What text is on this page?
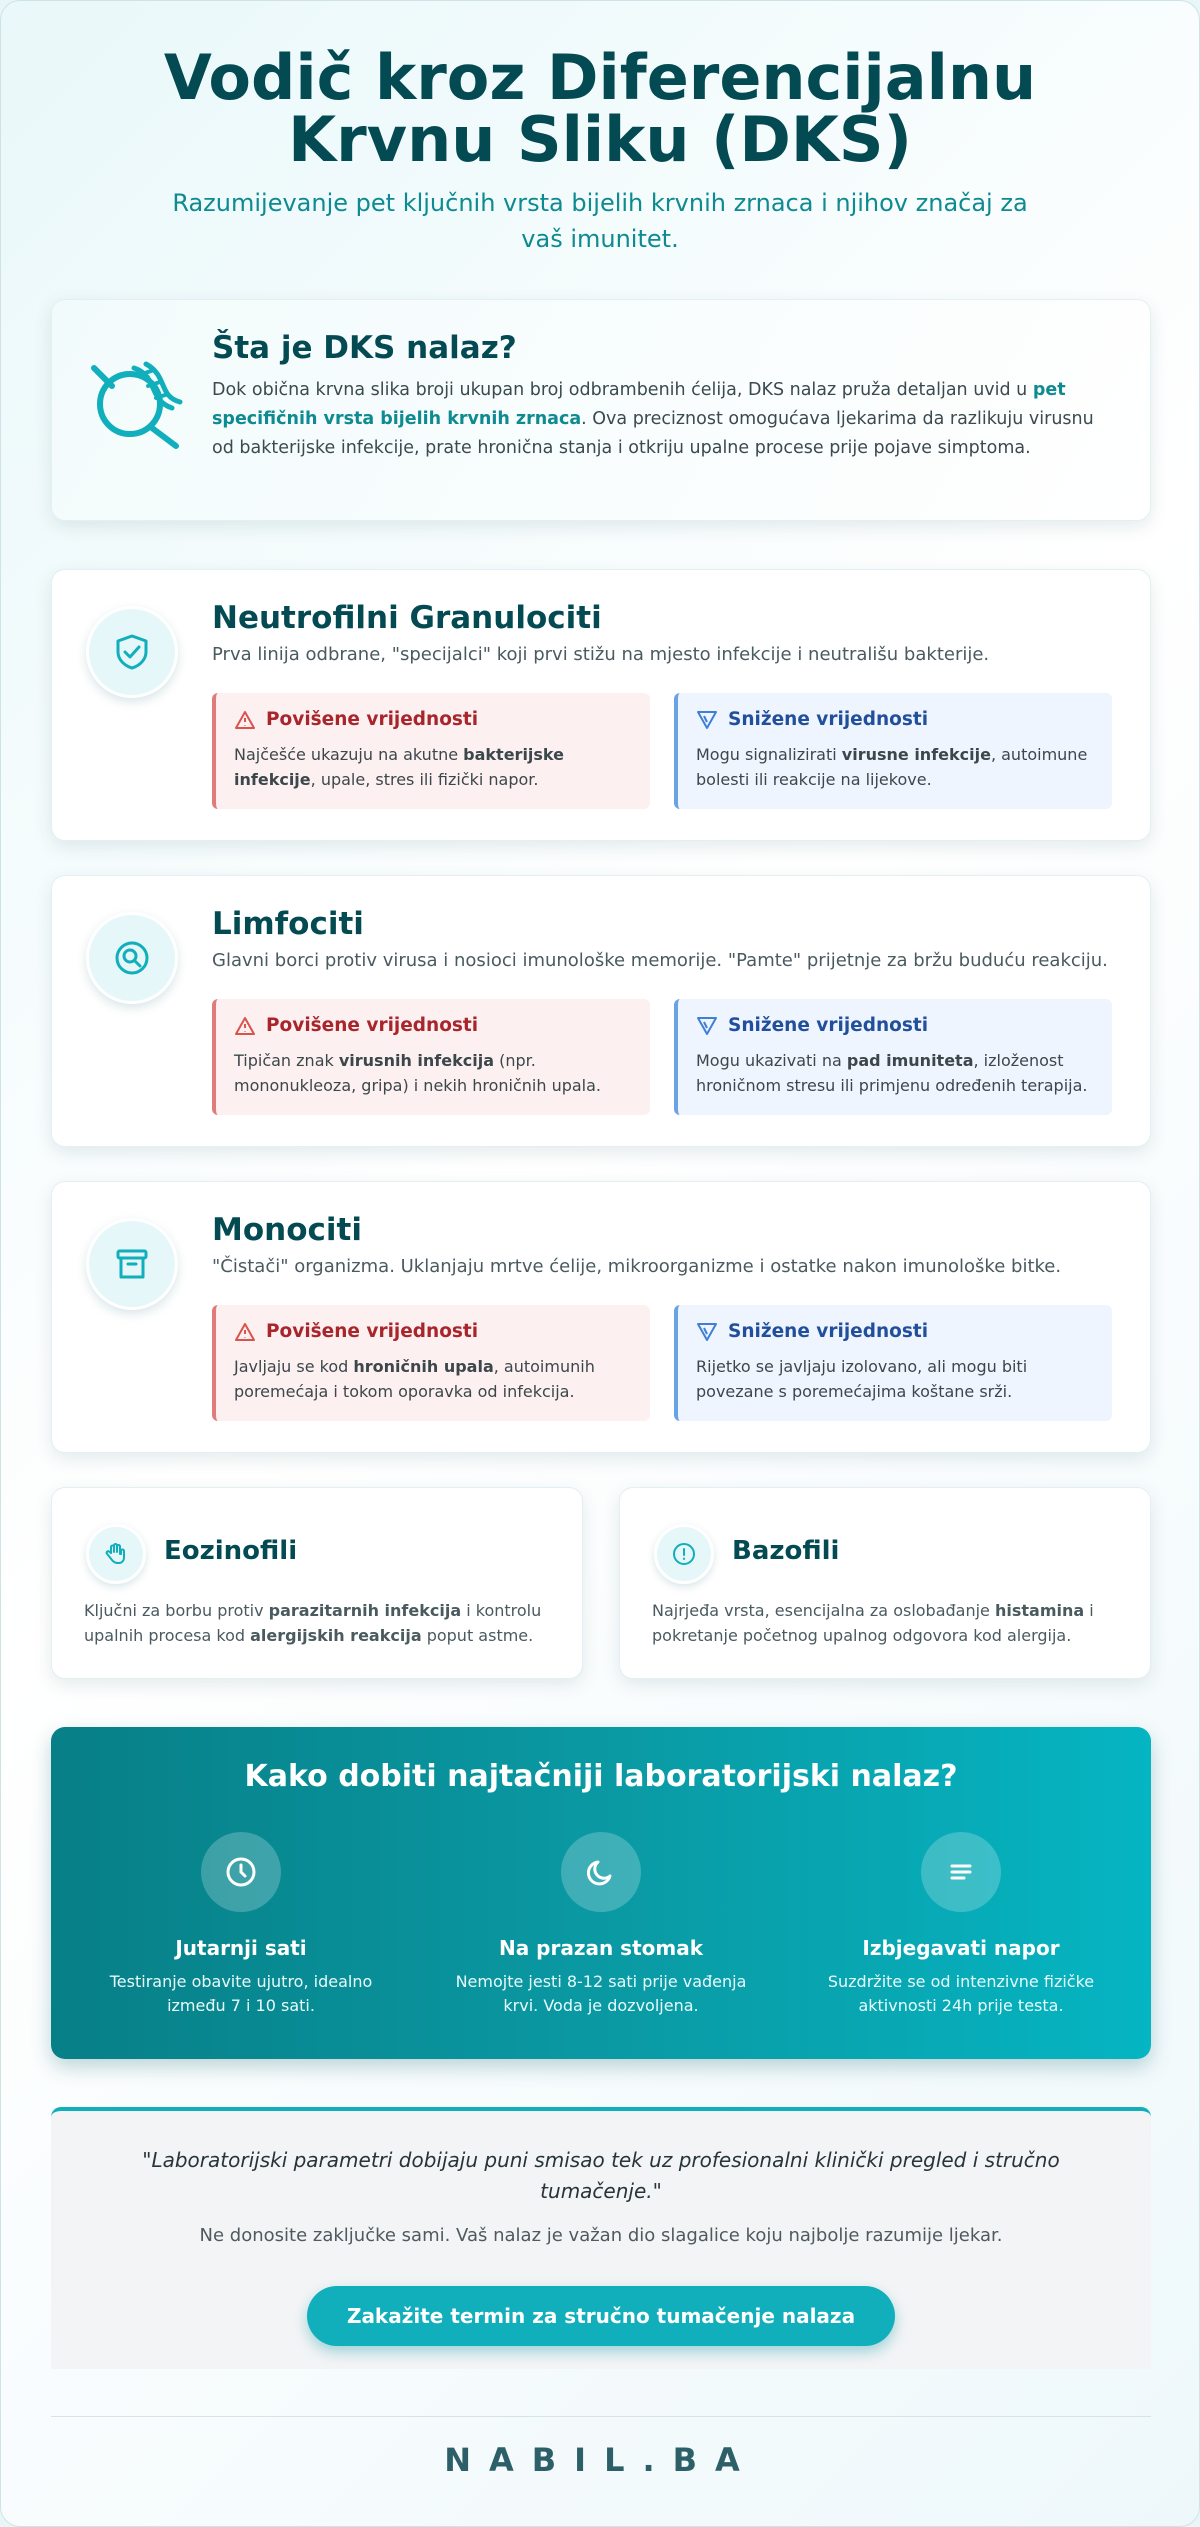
Vodič kroz Diferencijalnu Krvnu Sliku (DKS)

Razumijevanje pet ključnih vrsta bijelih krvnih zrnaca i njihov značaj za vaš imunitet.

Šta je DKS nalaz?

Dok obična krvna slika broji ukupan broj odbrambenih ćelija, DKS nalaz pruža detaljan uvid u pet specifičnih vrsta bijelih krvnih zrnaca. Ova preciznost omogućava ljekarima da razlikuju virusnu od bakterijske infekcije, prate hronična stanja i otkriju upalne procese prije pojave simptoma.

Neutrofilni Granulociti

Prva linija odbrane, "specijalci" koji prvi stižu na mjesto infekcije i neutrališu bakterije.

Povišene vrijednosti

Najčešće ukazuju na akutne bakterijske infekcije, upale, stres ili fizički napor.

Snižene vrijednosti

Mogu signalizirati virusne infekcije, autoimune bolesti ili reakcije na lijekove.

Limfociti

Glavni borci protiv virusa i nosioci imunološke memorije. "Pamte" prijetnje za bržu buduću reakciju.

Povišene vrijednosti

Tipičan znak virusnih infekcija (npr. mononukleoza, gripa) i nekih hroničnih upala.

Snižene vrijednosti

Mogu ukazivati na pad imuniteta, izloženost hroničnom stresu ili primjenu određenih terapija.

Monociti

"Čistači" organizma. Uklanjaju mrtve ćelije, mikroorganizme i ostatke nakon imunološke bitke.

Povišene vrijednosti

Javljaju se kod hroničnih upala, autoimunih poremećaja i tokom oporavka od infekcija.

Snižene vrijednosti

Rijetko se javljaju izolovano, ali mogu biti povezane s poremećajima koštane srži.

Eozinofili

Ključni za borbu protiv parazitarnih infekcija i kontrolu upalnih procesa kod alergijskih reakcija poput astme.

Bazofili

Najrjeđa vrsta, esencijalna za oslobađanje histamina i pokretanje početnog upalnog odgovora kod alergija.

Kako dobiti najtačniji laboratorijski nalaz?
Jutarnji sati
Testiranje obavite ujutro, idealno između 7 i 10 sati.
Na prazan stomak
Nemojte jesti 8-12 sati prije vađenja krvi. Voda je dozvoljena.
Izbjegavati napor
Suzdržite se od intenzivne fizičke aktivnosti 24h prije testa.

"Laboratorijski parametri dobijaju puni smisao tek uz profesionalni klinički pregled i stručno tumačenje."

Ne donosite zaključke sami. Vaš nalaz je važan dio slagalice koju najbolje razumije ljekar.

Zakažite termin za stručno tumačenje nalaza
NABIL.BA
